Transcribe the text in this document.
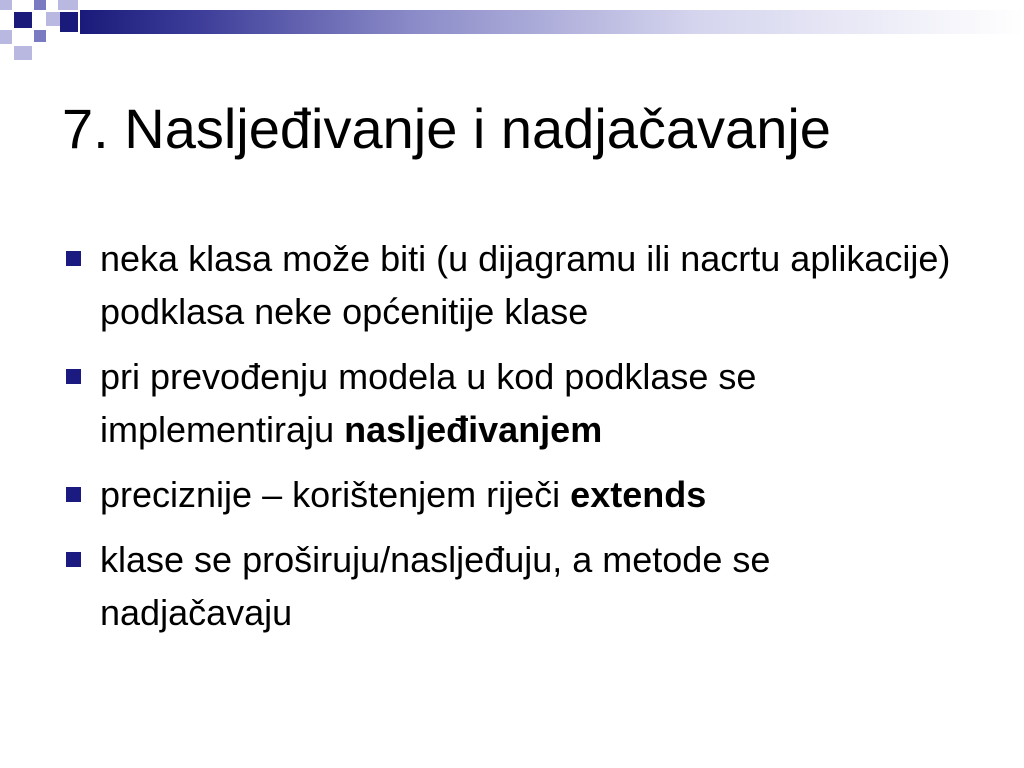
7. Nasljeđivanje i nadjačavanje
neka klasa može biti (u dijagramu ili nacrtu aplikacije) podklasa neke općenitije klase
pri prevođenju modela u kod podklase se implementiraju nasljeđivanjem
preciznije – korištenjem riječi extends
klase se proširuju/nasljeđuju, a metode se nadjačavaju
